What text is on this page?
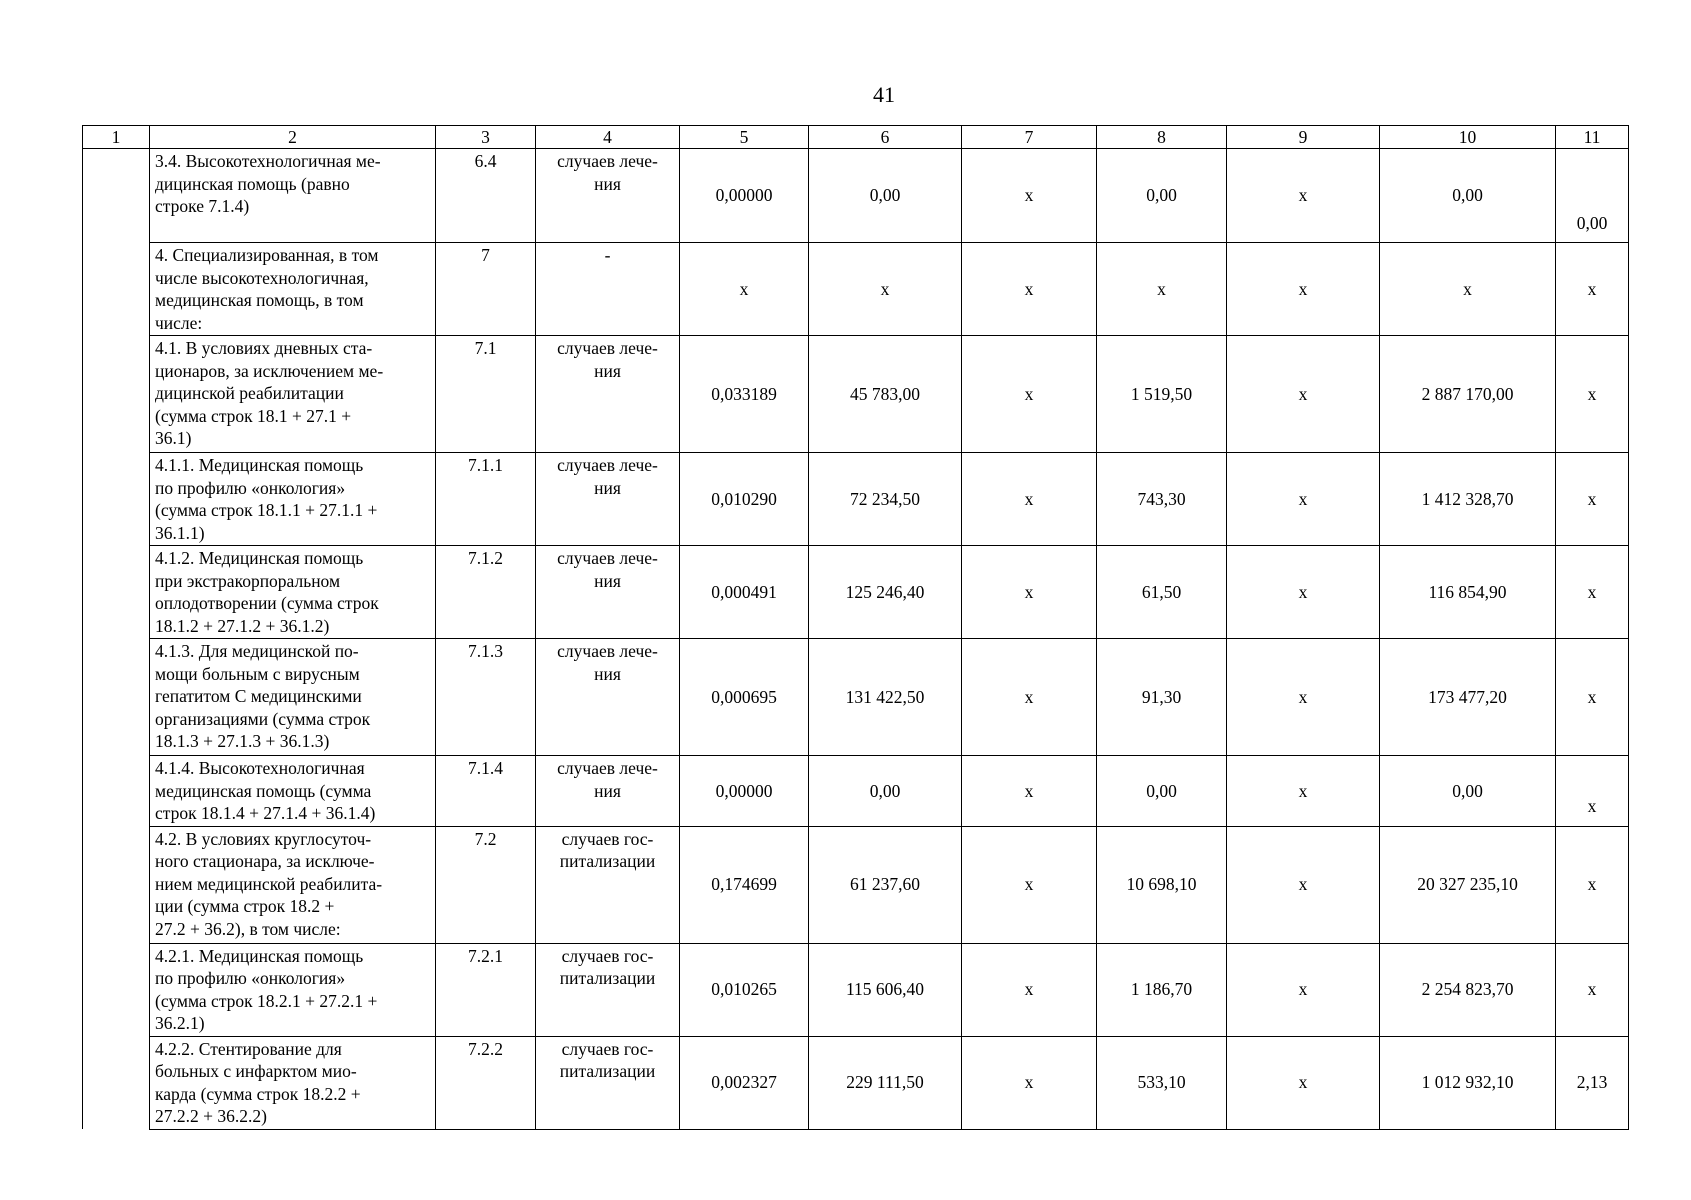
41
1	2	3	4	5	6	7	8	9	10	11
	3.4. Высокотехнологичная ме-
дицинская помощь (равно
строке 7.1.4)	6.4	случаев лече-
ния	0,00000	0,00	х	0,00	х	0,00	0,00
	4. Специализированная, в том
числе высокотехнологичная,
медицинская помощь, в том
числе:	7	-	х	х	х	х	х	х	х
	4.1. В условиях дневных ста-
ционаров, за исключением ме-
дицинской реабилитации
(сумма строк 18.1 + 27.1 +
36.1)	7.1	случаев лече-
ния	0,033189	45 783,00	х	1 519,50	х	2 887 170,00	х
	4.1.1. Медицинская помощь
по профилю «онкология»
(сумма строк 18.1.1 + 27.1.1 +
36.1.1)	7.1.1	случаев лече-
ния	0,010290	72 234,50	х	743,30	х	1 412 328,70	х
	4.1.2. Медицинская помощь
при экстракорпоральном
оплодотворении (сумма строк
18.1.2 + 27.1.2 + 36.1.2)	7.1.2	случаев лече-
ния	0,000491	125 246,40	х	61,50	х	116 854,90	х
	4.1.3. Для медицинской по-
мощи больным с вирусным
гепатитом С медицинскими
организациями (сумма строк
18.1.3 + 27.1.3 + 36.1.3)	7.1.3	случаев лече-
ния	0,000695	131 422,50	х	91,30	х	173 477,20	х
	4.1.4. Высокотехнологичная
медицинская помощь (сумма
строк 18.1.4 + 27.1.4 + 36.1.4)	7.1.4	случаев лече-
ния	0,00000	0,00	х	0,00	х	0,00	х
	4.2. В условиях круглосуточ-
ного стационара, за исключе-
нием медицинской реабилита-
ции (сумма строк 18.2 +
27.2 + 36.2), в том числе:	7.2	случаев гос-
питализации	0,174699	61 237,60	х	10 698,10	х	20 327 235,10	х
	4.2.1. Медицинская помощь
по профилю «онкология»
(сумма строк 18.2.1 + 27.2.1 +
36.2.1)	7.2.1	случаев гос-
питализации	0,010265	115 606,40	х	1 186,70	х	2 254 823,70	х
	4.2.2. Стентирование для
больных с инфарктом мио-
карда (сумма строк 18.2.2 +
27.2.2 + 36.2.2)	7.2.2	случаев гос-
питализации	0,002327	229 111,50	х	533,10	х	1 012 932,10	2,13
